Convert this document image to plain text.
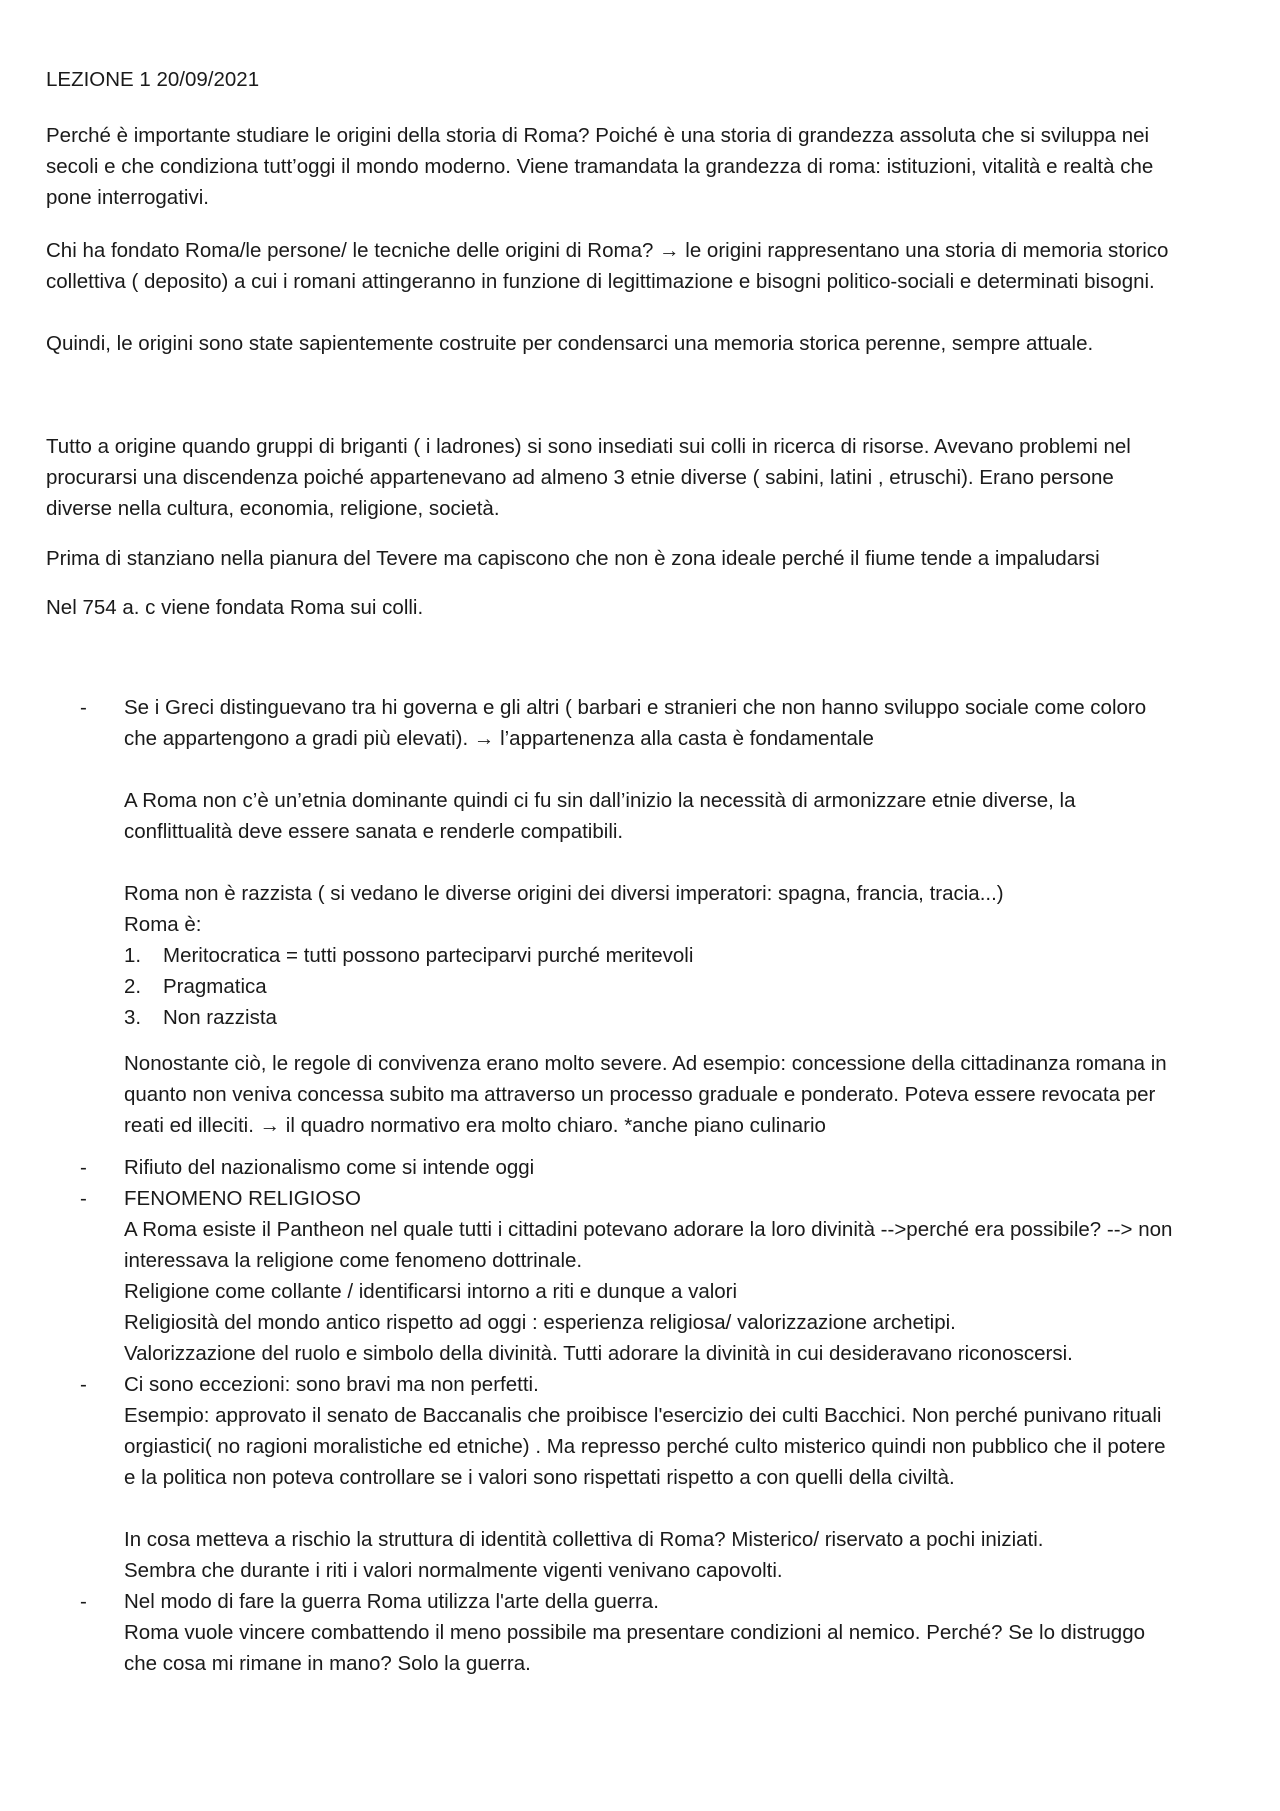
LEZIONE 1 20/09/2021

Perché è importante studiare le origini della storia di Roma? Poiché è una storia di grandezza assoluta che si sviluppa nei secoli e che condiziona tutt’oggi il mondo moderno. Viene tramandata la grandezza di roma: istituzioni, vitalità e realtà che pone interrogativi.

Chi ha fondato Roma/le persone/ le tecniche delle origini di Roma? → le origini rappresentano una storia di memoria storico collettiva ( deposito) a cui i romani attingeranno in funzione di legittimazione e bisogni politico-sociali e determinati bisogni.

Quindi, le origini sono state sapientemente costruite per condensarci una memoria storica perenne, sempre attuale.

Tutto a origine quando gruppi di briganti ( i ladrones) si sono insediati sui colli in ricerca di risorse. Avevano problemi nel procurarsi una discendenza poiché appartenevano ad almeno 3 etnie diverse ( sabini, latini , etruschi). Erano persone diverse nella cultura, economia, religione, società.

Prima di stanziano nella pianura del Tevere ma capiscono che non è zona ideale perché il fiume tende a impaludarsi

Nel 754 a. c viene fondata Roma sui colli.

- Se i Greci distinguevano tra hi governa e gli altri ( barbari e stranieri che non hanno sviluppo sociale come coloro che appartengono a gradi più elevati). → l’appartenenza alla casta è fondamentale

A Roma non c’è un’etnia dominante quindi ci fu sin dall’inizio la necessità di armonizzare etnie diverse, la conflittualità deve essere sanata e renderle compatibili.

Roma non è razzista ( si vedano le diverse origini dei diversi imperatori: spagna, francia, tracia...)

Roma è:

1.	Meritocratica = tutti possono parteciparvi purché meritevoli
2.	Pragmatica
3.	Non razzista

Nonostante ciò, le regole di convivenza erano molto severe. Ad esempio: concessione della cittadinanza romana in quanto non veniva concessa subito ma attraverso un processo graduale e ponderato. Poteva essere revocata per reati ed illeciti. → il quadro normativo era molto chiaro. *anche piano culinario

- Rifiuto del nazionalismo come si intende oggi

- FENOMENO RELIGIOSO

A Roma esiste il Pantheon nel quale tutti i cittadini potevano adorare la loro divinità -->perché era possibile? --> non interessava la religione come fenomeno dottrinale.

Religione come collante / identificarsi intorno a riti e dunque a valori

Religiosità del mondo antico rispetto ad oggi : esperienza religiosa/ valorizzazione archetipi.

Valorizzazione del ruolo e simbolo della divinità. Tutti adorare la divinità in cui desideravano riconoscersi.

- Ci sono eccezioni: sono bravi ma non perfetti.

Esempio: approvato il senato de Baccanalis che proibisce l'esercizio dei culti Bacchici. Non perché punivano rituali orgiastici( no ragioni moralistiche ed etniche) . Ma represso perché culto misterico quindi non pubblico che il potere e la politica non poteva controllare se i valori sono rispettati rispetto a con quelli della civiltà.

In cosa metteva a rischio la struttura di identità collettiva di Roma? Misterico/ riservato a pochi iniziati.

Sembra che durante i riti i valori normalmente vigenti venivano capovolti.

- Nel modo di fare la guerra Roma utilizza l'arte della guerra.

Roma vuole vincere combattendo il meno possibile ma presentare condizioni al nemico. Perché? Se lo distruggo che cosa mi rimane in mano? Solo la guerra.
